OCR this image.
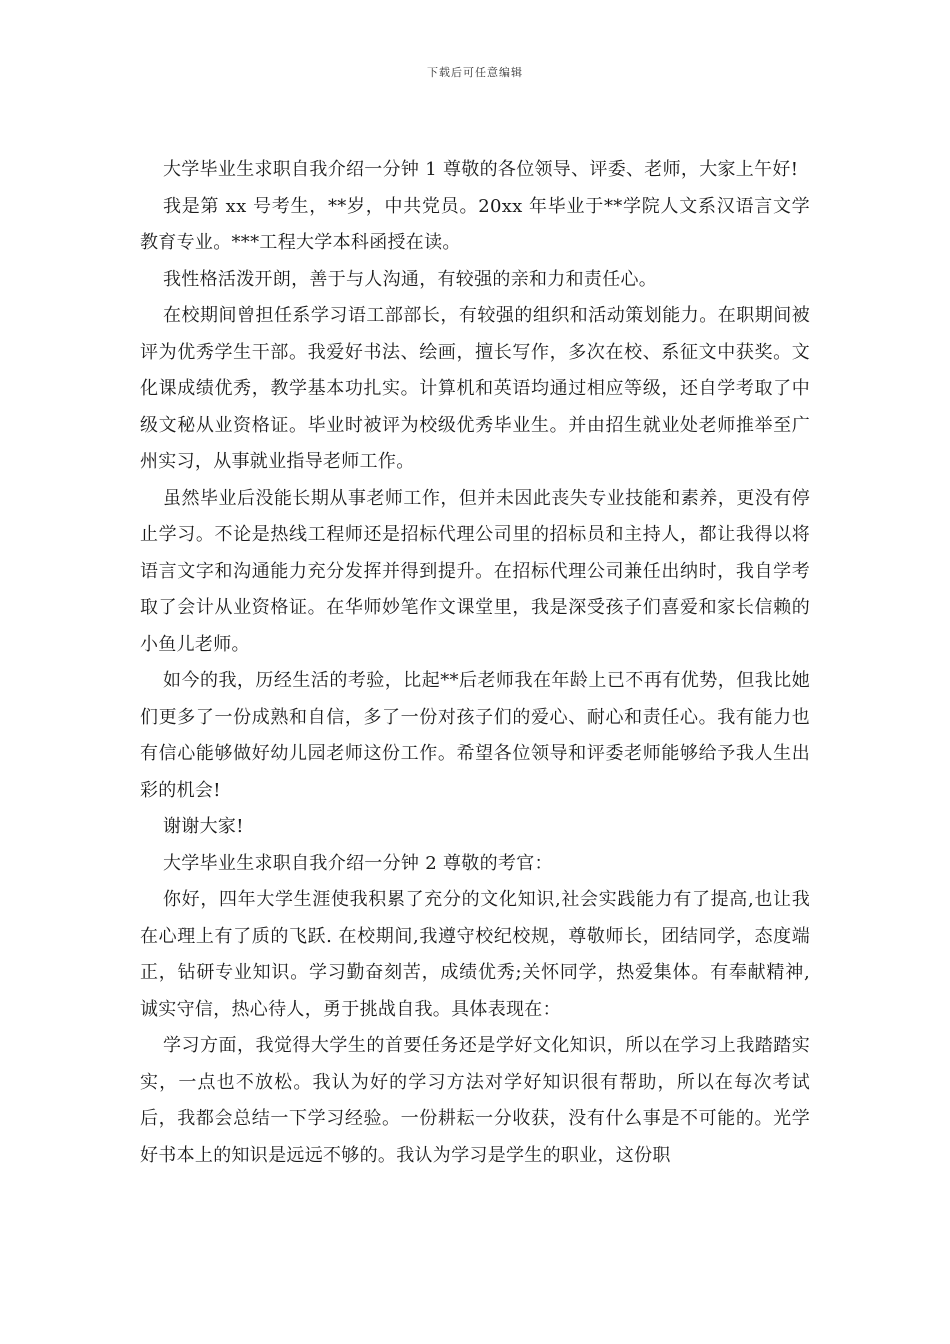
下载后可任意编辑

大学毕业生求职自我介绍一分钟 1 尊敬的各位领导、评委、老师，大家上午好!

我是第 xx 号考生，**岁，中共党员。20xx 年毕业于**学院人文系汉语言文学教育专业。***工程大学本科函授在读。

我性格活泼开朗，善于与人沟通，有较强的亲和力和责任心。

在校期间曾担任系学习语工部部长，有较强的组织和活动策划能力。在职期间被评为优秀学生干部。我爱好书法、绘画，擅长写作，多次在校、系征文中获奖。文化课成绩优秀，教学基本功扎实。计算机和英语均通过相应等级，还自学考取了中级文秘从业资格证。毕业时被评为校级优秀毕业生。并由招生就业处老师推举至广州实习，从事就业指导老师工作。

虽然毕业后没能长期从事老师工作，但并未因此丧失专业技能和素养，更没有停止学习。不论是热线工程师还是招标代理公司里的招标员和主持人，都让我得以将语言文字和沟通能力充分发挥并得到提升。在招标代理公司兼任出纳时，我自学考取了会计从业资格证。在华师妙笔作文课堂里，我是深受孩子们喜爱和家长信赖的小鱼儿老师。

如今的我，历经生活的考验，比起**后老师我在年龄上已不再有优势，但我比她们更多了一份成熟和自信，多了一份对孩子们的爱心、耐心和责任心。我有能力也有信心能够做好幼儿园老师这份工作。希望各位领导和评委老师能够给予我人生出彩的机会!

谢谢大家!

大学毕业生求职自我介绍一分钟 2 尊敬的考官：

你好，四年大学生涯使我积累了充分的文化知识,社会实践能力有了提高,也让我在心理上有了质的飞跃. 在校期间,我遵守校纪校规，尊敬师长，团结同学，态度端正，钻研专业知识。学习勤奋刻苦，成绩优秀;关怀同学，热爱集体。有奉献精神, 诚实守信，热心待人，勇于挑战自我。具体表现在：

学习方面，我觉得大学生的首要任务还是学好文化知识，所以在学习上我踏踏实实，一点也不放松。我认为好的学习方法对学好知识很有帮助，所以在每次考试后，我都会总结一下学习经验。一份耕耘一分收获，没有什么事是不可能的。光学好书本上的知识是远远不够的。我认为学习是学生的职业，这份职
